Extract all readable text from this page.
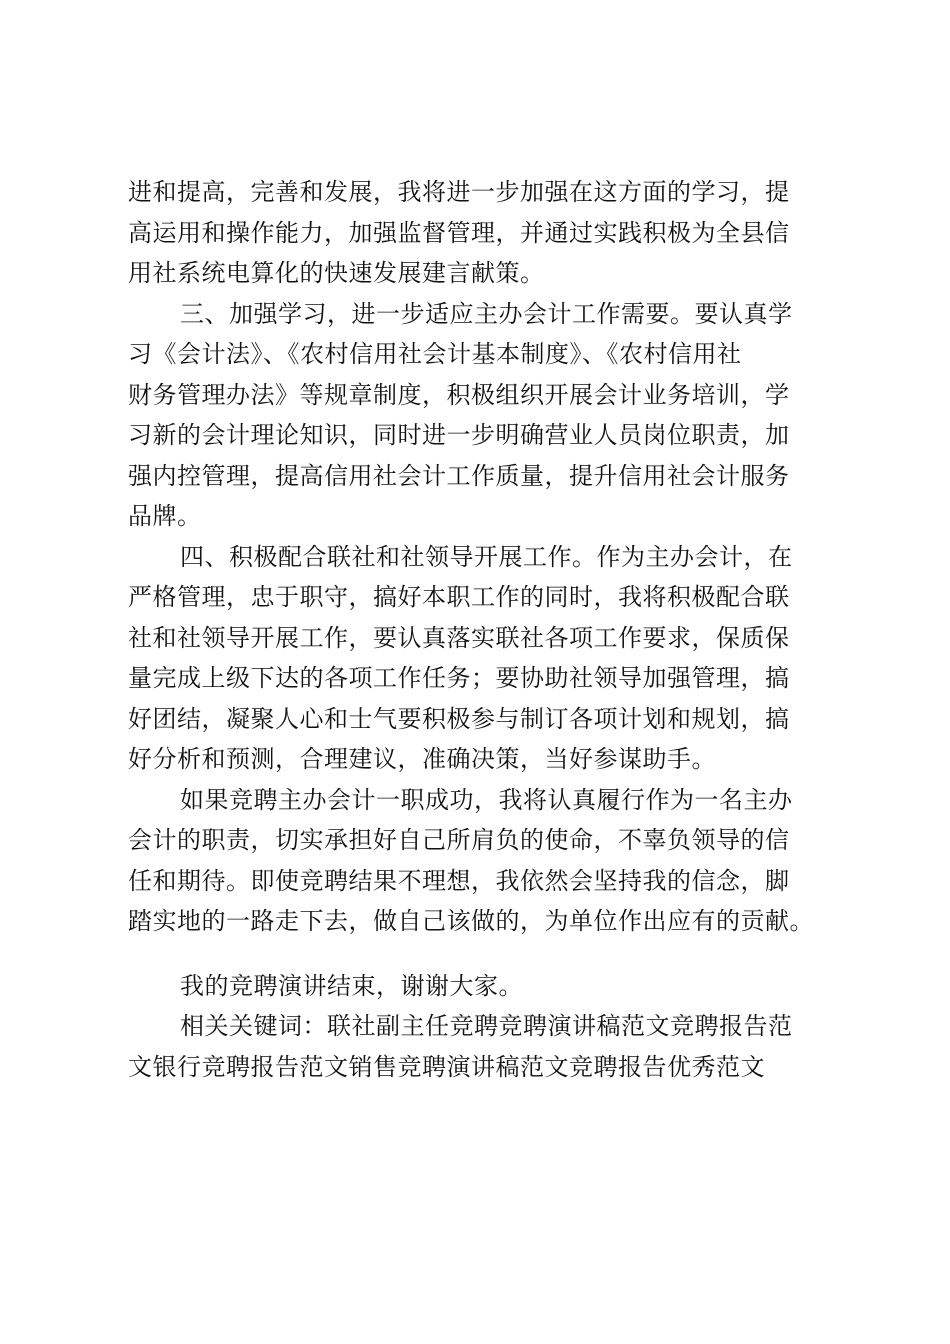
进和提高，完善和发展，我将进一步加强在这方面的学习，提
高运用和操作能力，加强监督管理，并通过实践积极为全县信
用社系统电算化的快速发展建言献策。
三、加强学习，进一步适应主办会计工作需要。要认真学
习《会计法》、《农村信用社会计基本制度》、《农村信用社
财务管理办法》等规章制度，积极组织开展会计业务培训，学
习新的会计理论知识，同时进一步明确营业人员岗位职责，加
强内控管理，提高信用社会计工作质量，提升信用社会计服务
品牌。
四、积极配合联社和社领导开展工作。作为主办会计，在
严格管理，忠于职守，搞好本职工作的同时，我将积极配合联
社和社领导开展工作，要认真落实联社各项工作要求，保质保
量完成上级下达的各项工作任务；要协助社领导加强管理，搞
好团结，凝聚人心和士气要积极参与制订各项计划和规划，搞
好分析和预测，合理建议，准确决策，当好参谋助手。
如果竞聘主办会计一职成功，我将认真履行作为一名主办
会计的职责，切实承担好自己所肩负的使命，不辜负领导的信
任和期待。即使竞聘结果不理想，我依然会坚持我的信念，脚
踏实地的一路走下去，做自己该做的，为单位作出应有的贡献。
我的竞聘演讲结束，谢谢大家。
相关关键词：联社副主任竞聘竞聘演讲稿范文竞聘报告范
文银行竞聘报告范文销售竞聘演讲稿范文竞聘报告优秀范文
